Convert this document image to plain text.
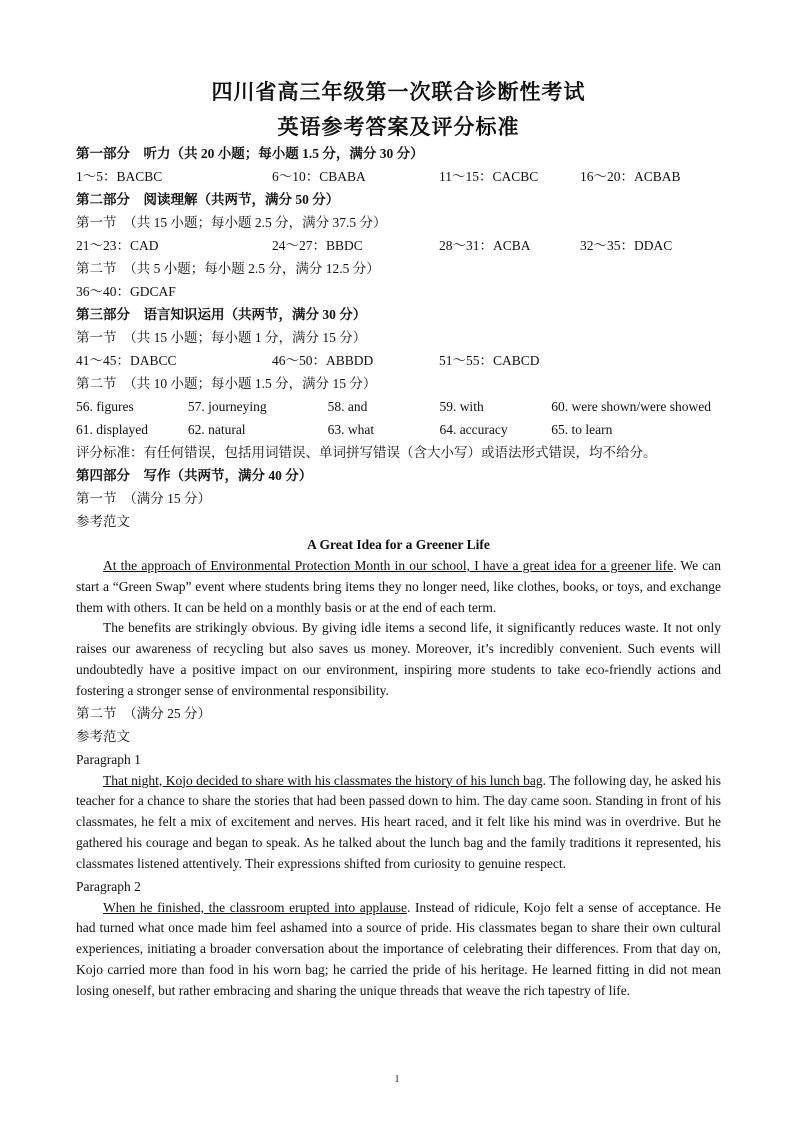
四川省高三年级第一次联合诊断性考试
英语参考答案及评分标准
第一部分　听力（共 20 小题；每小题 1.5 分，满分 30 分）
1～5：BACBC	6～10：CBABA	11～15：CACBC	16～20：ACBAB
第二部分　阅读理解（共两节，满分 50 分）
第一节　（共 15 小题；每小题 2.5 分，满分 37.5 分）
21～23：CAD	24～27：BBDC	28～31：ACBA	32～35：DDAC
第二节　（共 5 小题；每小题 2.5 分，满分 12.5 分）
36～40：GDCAF
第三部分　语言知识运用（共两节，满分 30 分）
第一节　（共 15 小题；每小题 1 分，满分 15 分）
41～45：DABCC	46～50：ABBDD	51～55：CABCD
第二节　（共 10 小题；每小题 1.5 分，满分 15 分）
56. figures	57. journeying	58. and	59. with	60. were shown/were showed
61. displayed	62. natural	63. what	64. accuracy	65. to learn
评分标准：有任何错误，包括用词错误、单词拼写错误（含大小写）或语法形式错误，均不给分。
第四部分　写作（共两节，满分 40 分）
第一节　（满分 15 分）
参考范文
A Great Idea for a Greener Life

At the approach of Environmental Protection Month in our school, I have a great idea for a greener life. We can start a “Green Swap” event where students bring items they no longer need, like clothes, books, or toys, and exchange them with others. It can be held on a monthly basis or at the end of each term.

The benefits are strikingly obvious. By giving idle items a second life, it significantly reduces waste. It not only raises our awareness of recycling but also saves us money. Moreover, it’s incredibly convenient. Such events will undoubtedly have a positive impact on our environment, inspiring more students to take eco-friendly actions and fostering a stronger sense of environmental responsibility.

第二节　（满分 25 分）
参考范文
Paragraph 1

That night, Kojo decided to share with his classmates the history of his lunch bag. The following day, he asked his teacher for a chance to share the stories that had been passed down to him. The day came soon. Standing in front of his classmates, he felt a mix of excitement and nerves. His heart raced, and it felt like his mind was in overdrive. But he gathered his courage and began to speak. As he talked about the lunch bag and the family traditions it represented, his classmates listened attentively. Their expressions shifted from curiosity to genuine respect.

Paragraph 2

When he finished, the classroom erupted into applause. Instead of ridicule, Kojo felt a sense of acceptance. He had turned what once made him feel ashamed into a source of pride. His classmates began to share their own cultural experiences, initiating a broader conversation about the importance of celebrating their differences. From that day on, Kojo carried more than food in his worn bag; he carried the pride of his heritage. He learned fitting in did not mean losing oneself, but rather embracing and sharing the unique threads that weave the rich tapestry of life.

1
